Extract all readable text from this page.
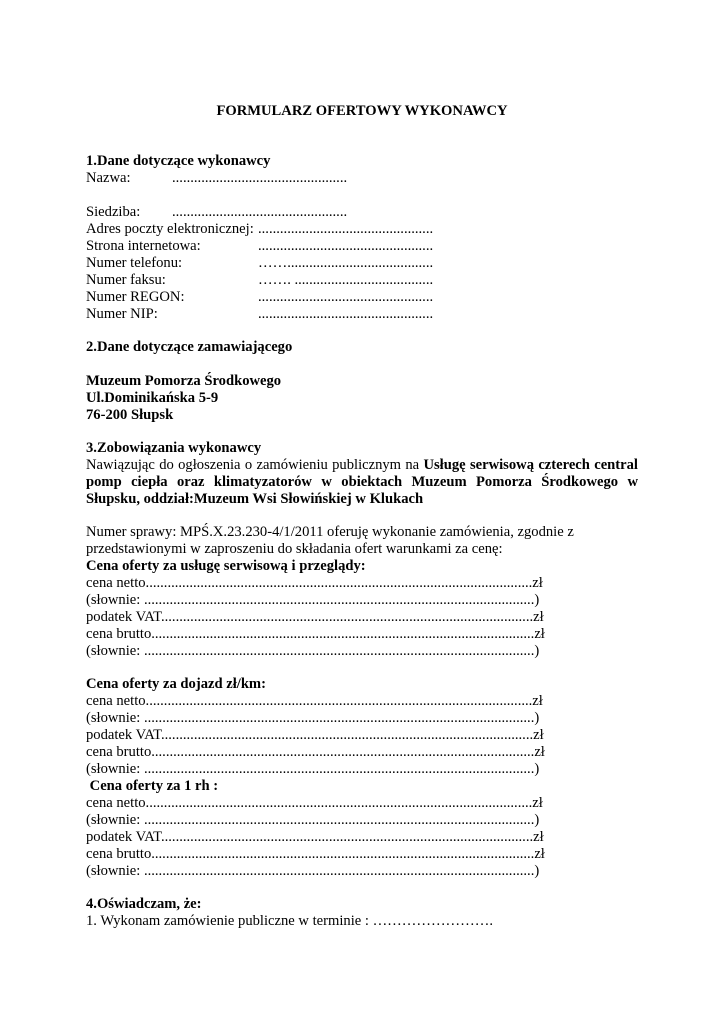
FORMULARZ OFERTOWY WYKONAWCY
1.Dane dotyczące wykonawcy
Nazwa:	................................................
Siedziba: ................................................
Adres poczty elektronicznej: ................................................
Strona internetowa:	................................................
Numer telefonu:	……........................................
Numer faksu:	……. ......................................
Numer REGON:	................................................
Numer NIP:	................................................
2.Dane dotyczące zamawiającego
Muzeum Pomorza Środkowego
Ul.Dominikańska 5-9
76-200 Słupsk
3.Zobowiązania wykonawcy
Nawiązując do ogłoszenia o zamówieniu publicznym na Usługę serwisową czterech central
pomp ciepła oraz klimatyzatorów w obiektach Muzeum Pomorza Środkowego w
Słupsku, oddział:Muzeum Wsi Słowińskiej w Klukach
Numer sprawy: MPŚ.X.23.230-4/1/2011 oferuję wykonanie zamówienia, zgodnie z
przedstawionymi w zaproszeniu do składania ofert warunkami za cenę:
Cena oferty za usługę serwisową i przeglądy:
cena netto..........................................................................................................zł
(słownie: ...........................................................................................................)
podatek VAT......................................................................................................zł
cena brutto.........................................................................................................zł
(słownie: ...........................................................................................................)
Cena oferty za dojazd zł/km:
cena netto..........................................................................................................zł
(słownie: ...........................................................................................................)
podatek VAT......................................................................................................zł
cena brutto.........................................................................................................zł
(słownie: ...........................................................................................................)
Cena oferty za 1 rh :
cena netto..........................................................................................................zł
(słownie: ...........................................................................................................)
podatek VAT......................................................................................................zł
cena brutto.........................................................................................................zł
(słownie: ...........................................................................................................)
4.Oświadczam, że:
1. Wykonam zamówienie publiczne w terminie : …………………….
